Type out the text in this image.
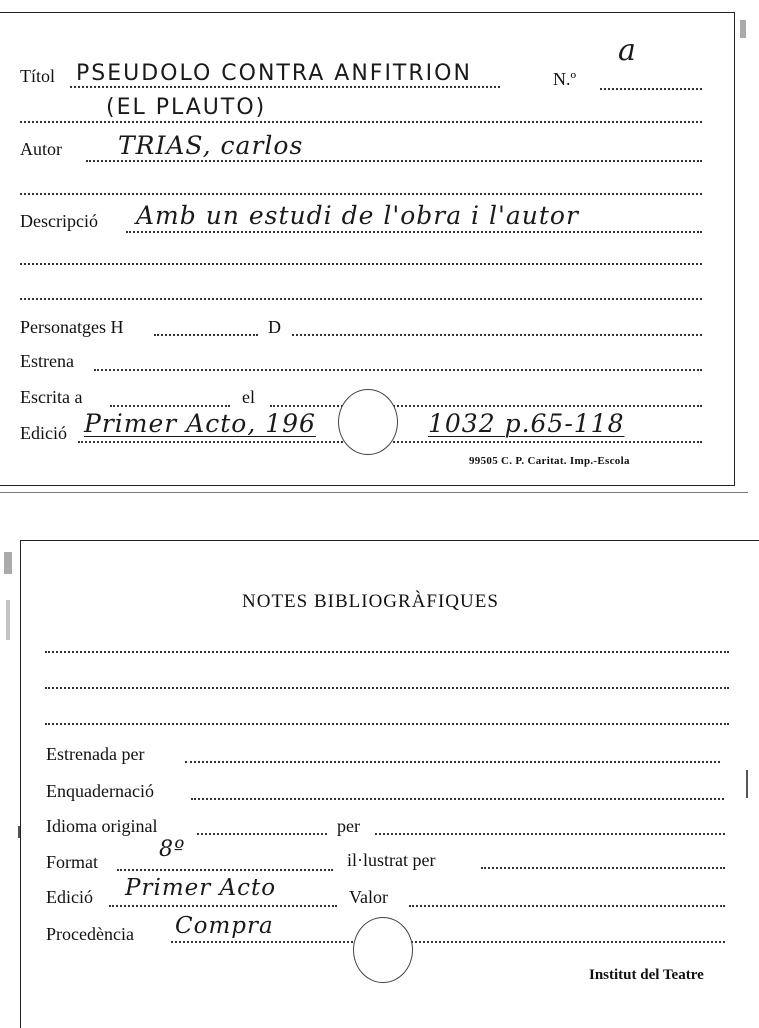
a
Títol PSEUDOLO CONTRA ANFITRION	N.º
(EL PLAUTO)
Autor TRIAS, carlos
Descripció Amb un estudi de l'obra i l'autor
Personatges H	D
Estrena
Escrita a	el
Edició Primer Acto, 196	1032 p.65-118
99505 C. P. Caritat. Imp.-Escola
NOTES BIBLIOGRÀFIQUES
Estrenada per
Enquadernació
Idioma original	per
Format	8º	il·lustrat per
Edició Primer Acto	Valor
Procedència Compra
Institut del Teatre
